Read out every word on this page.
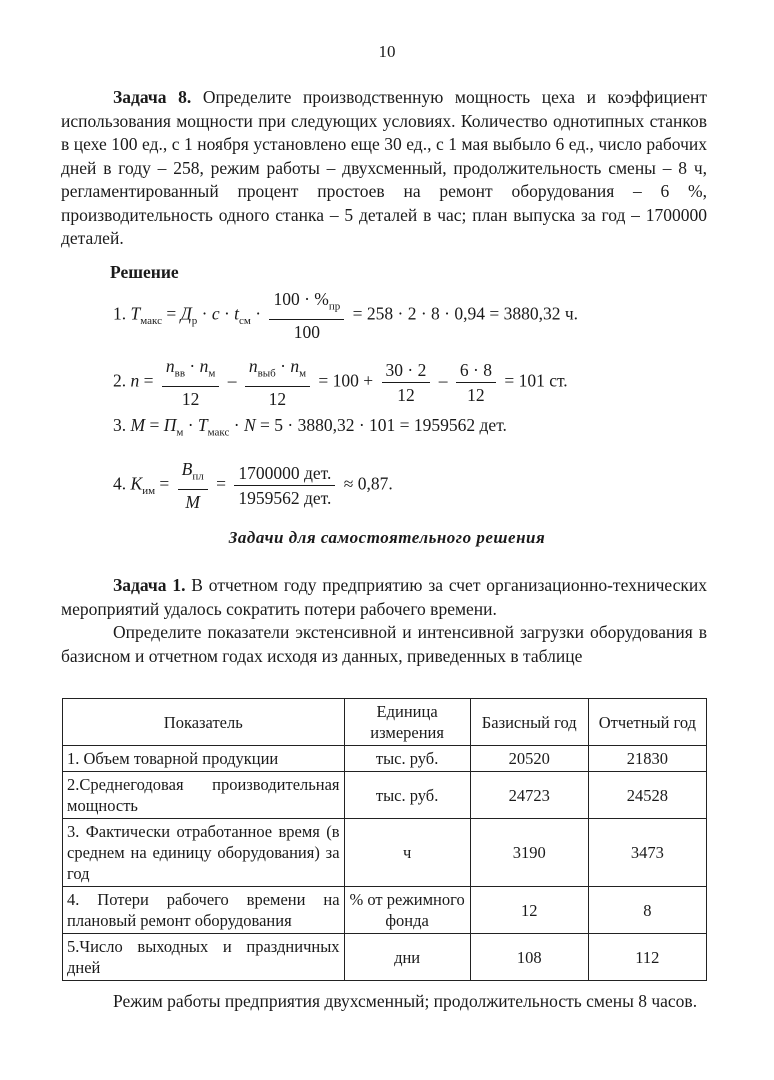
10

Задача 8. Определите производственную мощность цеха и коэффициент использования мощности при следующих условиях. Количество однотипных станков в цехе 100 ед., с 1 ноября установлено еще 30 ед., с 1 мая выбыло 6 ед., число рабочих дней в году – 258, режим работы – двухсменный, продолжительность смены – 8 ч, регламентированный процент простоев на ремонт оборудования – 6 %, производительность одного станка – 5 деталей в час; план выпуска за год – 1700000 деталей.

Решение
1. $T_{макс} = Д_р \cdot c \cdot t_{см} \cdot \frac{100 \cdot \%_{пр}}{100} = 258 \cdot 2 \cdot 8 \cdot 0,94 = 3880,32$ ч.
2. $n = \frac{n_{вв} \cdot n_м}{12} - \frac{n_{выб} \cdot n_м}{12} = 100 + \frac{30 \cdot 2}{12} - \frac{6 \cdot 8}{12} = 101$ ст.
3. $M = П_м \cdot T_{макс} \cdot N = 5 \cdot 3880,32 \cdot 101 = 1959562$ дет.
4. $K_{им} = \frac{B_{пл}}{M} = \frac{\text{1700000 дет.}}{\text{1959562 дет.}} \approx 0,87$.
Задачи для самостоятельного решения

Задача 1. В отчетном году предприятию за счет организационно-технических мероприятий удалось сократить потери рабочего времени.

Определите показатели экстенсивной и интенсивной загрузки оборудования в базисном и отчетном годах исходя из данных, приведенных в таблице

Показатель	Единица измерения	Базисный год	Отчетный год
1. Объем товарной продукции	тыс. руб.	20520	21830
2.Среднегодовая производительная мощность	тыс. руб.	24723	24528
3. Фактически отработанное время (в среднем на единицу оборудования) за год	ч	3190	3473
4. Потери рабочего времени на плановый ремонт оборудования	% от режимного фонда	12	8
5.Число выходных и праздничных дней	дни	108	112

Режим работы предприятия двухсменный; продолжительность смены 8 часов.
